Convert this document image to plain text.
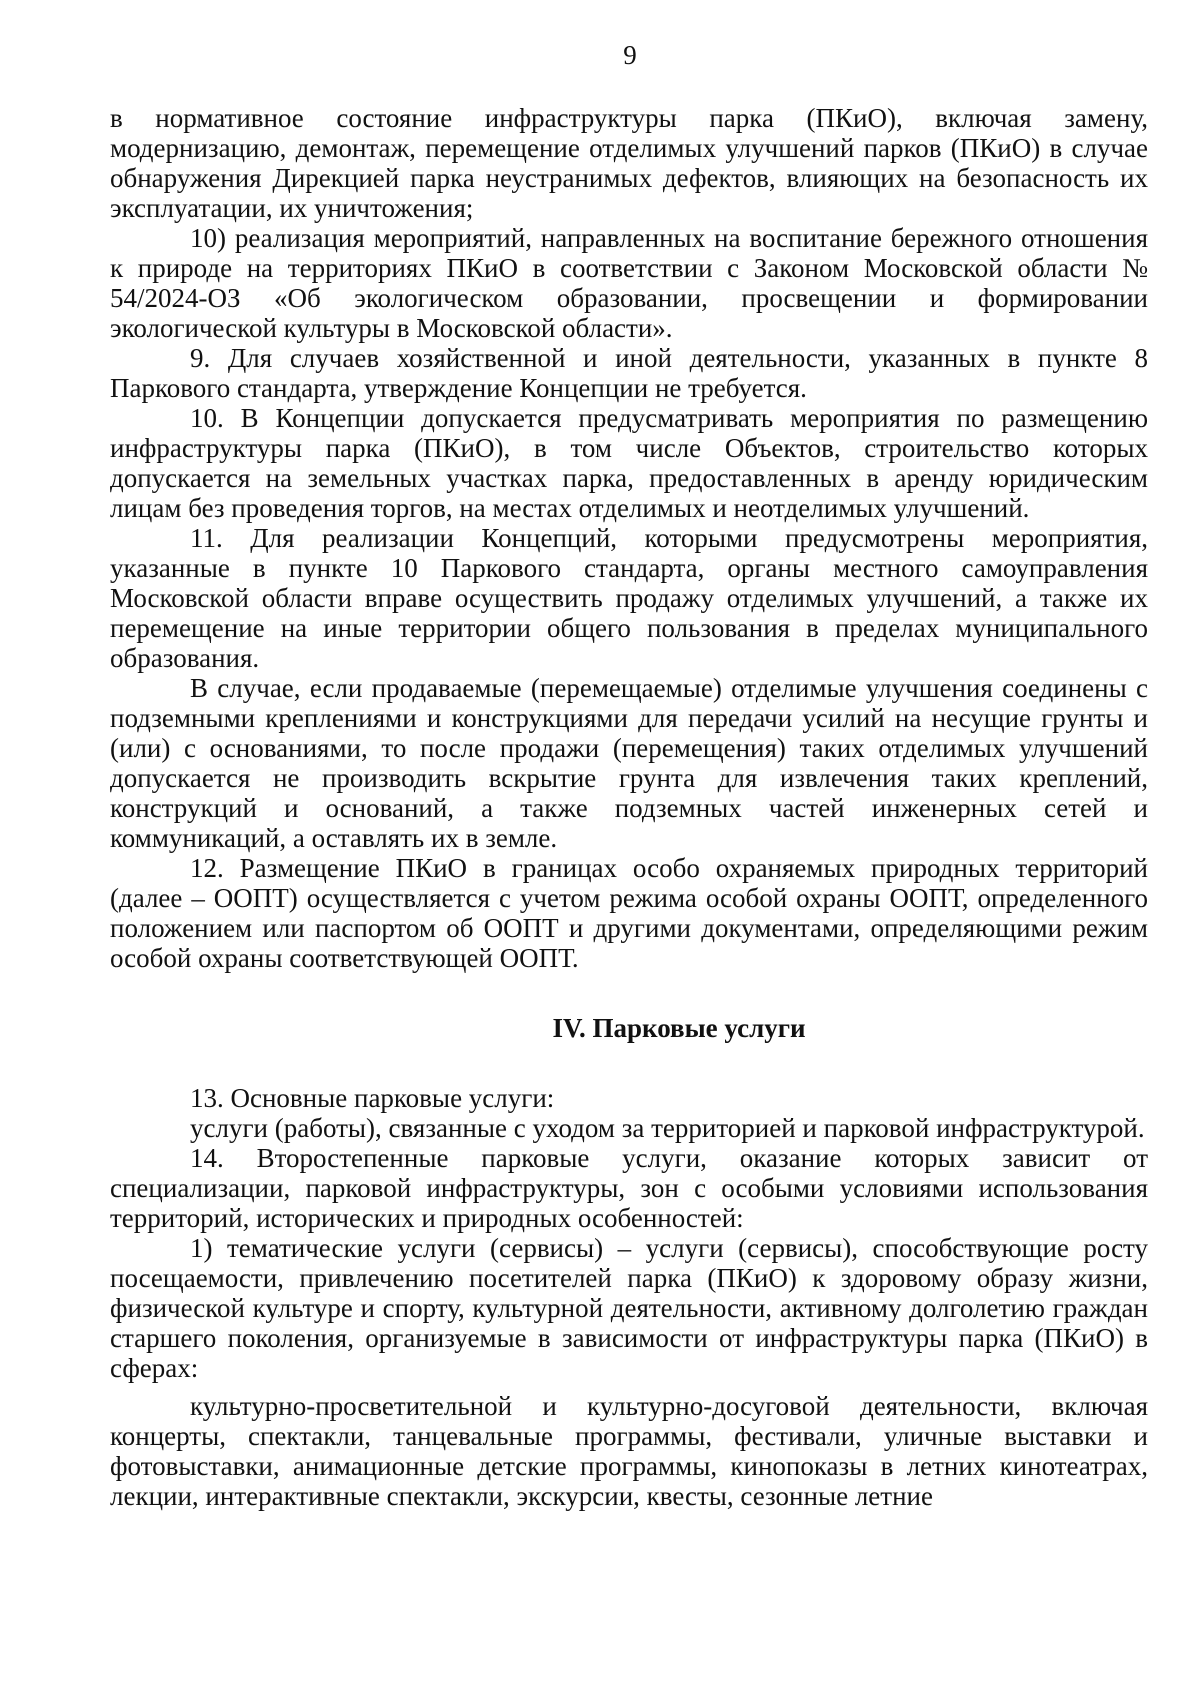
9

в нормативное состояние инфраструктуры парка (ПКиО), включая замену, модернизацию, демонтаж, перемещение отделимых улучшений парков (ПКиО) в случае обнаружения Дирекцией парка неустранимых дефектов, влияющих на безопасность их эксплуатации, их уничтожения;

10) реализация мероприятий, направленных на воспитание бережного отношения к природе на территориях ПКиО в соответствии с Законом Московской области № 54/2024-ОЗ «Об экологическом образовании, просвещении и формировании экологической культуры в Московской области».

9. Для случаев хозяйственной и иной деятельности, указанных в пункте 8 Паркового стандарта, утверждение Концепции не требуется.

10. В Концепции допускается предусматривать мероприятия по размещению инфраструктуры парка (ПКиО), в том числе Объектов, строительство которых допускается на земельных участках парка, предоставленных в аренду юридическим лицам без проведения торгов, на местах отделимых и неотделимых улучшений.

11. Для реализации Концепций, которыми предусмотрены мероприятия, указанные в пункте 10 Паркового стандарта, органы местного самоуправления Московской области вправе осуществить продажу отделимых улучшений, а также их перемещение на иные территории общего пользования в пределах муниципального образования.

В случае, если продаваемые (перемещаемые) отделимые улучшения соединены с подземными креплениями и конструкциями для передачи усилий на несущие грунты и (или) с основаниями, то после продажи (перемещения) таких отделимых улучшений допускается не производить вскрытие грунта для извлечения таких креплений, конструкций и оснований, а также подземных частей инженерных сетей и коммуникаций, а оставлять их в земле.

12. Размещение ПКиО в границах особо охраняемых природных территорий (далее – ООПТ) осуществляется с учетом режима особой охраны ООПТ, определенного положением или паспортом об ООПТ и другими документами, определяющими режим особой охраны соответствующей ООПТ.

IV. Парковые услуги

13. Основные парковые услуги:

услуги (работы), связанные с уходом за территорией и парковой инфраструктурой.

14. Второстепенные парковые услуги, оказание которых зависит от специализации, парковой инфраструктуры, зон с особыми условиями использования территорий, исторических и природных особенностей:

1) тематические услуги (сервисы) – услуги (сервисы), способствующие росту посещаемости, привлечению посетителей парка (ПКиО) к здоровому образу жизни, физической культуре и спорту, культурной деятельности, активному долголетию граждан старшего поколения, организуемые в зависимости от инфраструктуры парка (ПКиО) в сферах:

культурно-просветительной и культурно-досуговой деятельности, включая концерты, спектакли, танцевальные программы, фестивали, уличные выставки и фотовыставки, анимационные детские программы, кинопоказы в летних кинотеатрах, лекции, интерактивные спектакли, экскурсии, квесты, сезонные летние
